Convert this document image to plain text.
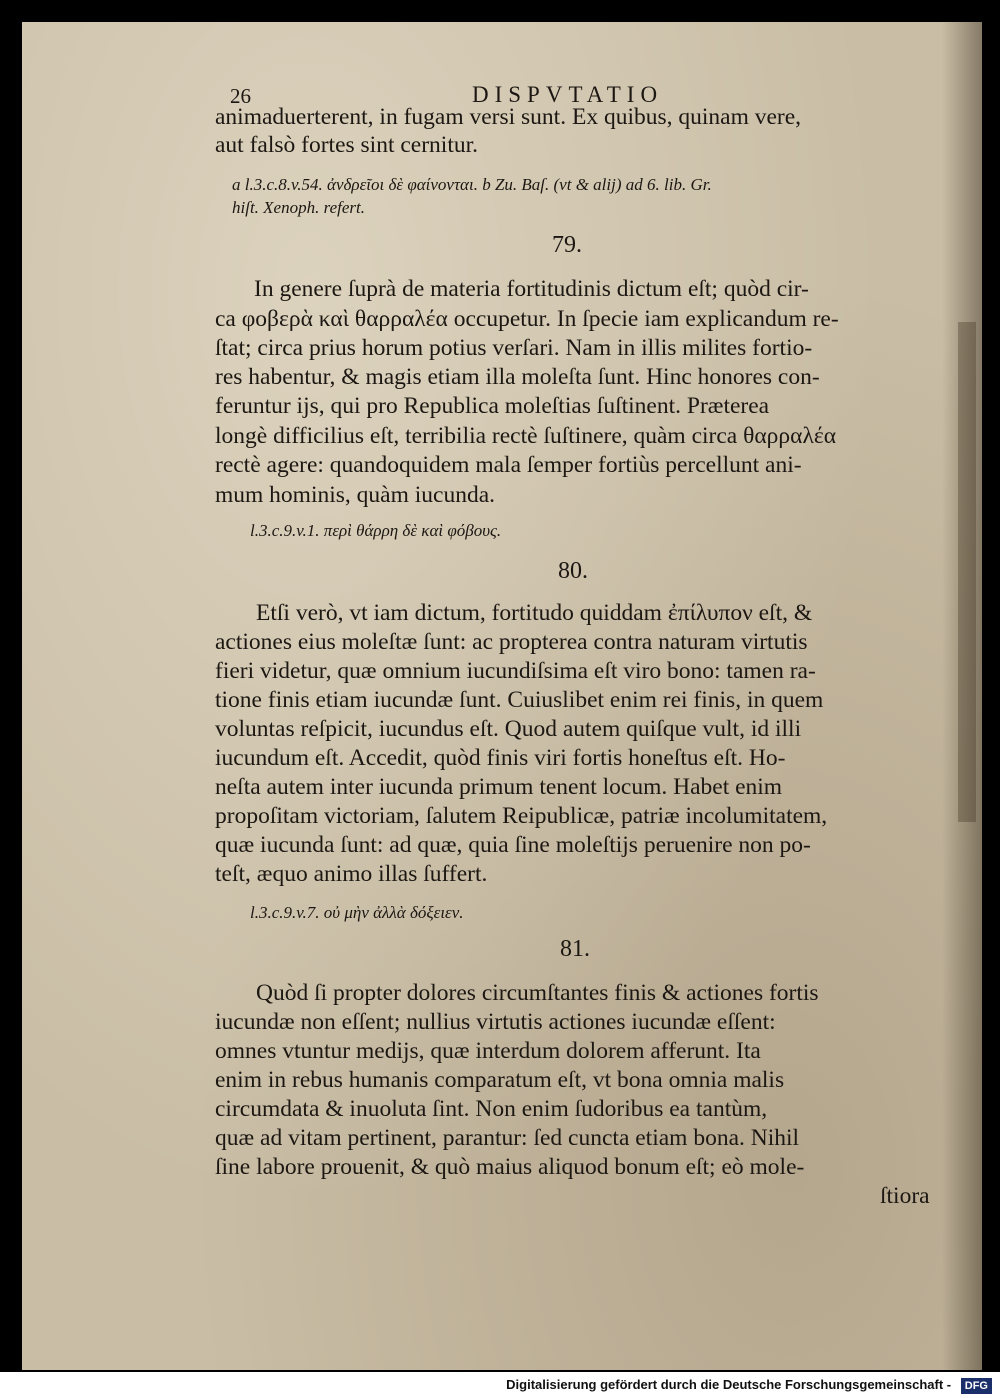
26	DISPVTATIO
animaduerterent, in fugam versi sunt. Ex quibus, quinam vere,
aut falsò fortes sint cernitur.
a l.3.c.8.v.54. ἀνδρεῖοι δὲ φαίνονται. b Zu. Baſ. (vt & alij) ad 6. lib. Gr.
hiſt. Xenoph. refert.
79.
In genere ſuprà de materia fortitudinis dictum eſt; quòd cir-
ca φοβερὰ καὶ θαρραλέα occupetur. In ſpecie iam explicandum re-
ſtat; circa prius horum potius verſari. Nam in illis milites fortio-
res habentur, & magis etiam illa moleſta ſunt. Hinc honores con-
feruntur ijs, qui pro Republica moleſtias ſuſtinent. Præterea
longè difficilius eſt, terribilia rectè ſuſtinere, quàm circa θαρραλέα
rectè agere: quandoquidem mala ſemper fortiùs percellunt ani-
mum hominis, quàm iucunda.
l.3.c.9.v.1. περὶ θάρρη δὲ καὶ φόβους.
80.
Etſi verò, vt iam dictum, fortitudo quiddam ἐπίλυπον eſt, &
actiones eius moleſtæ ſunt: ac propterea contra naturam virtutis
fieri videtur, quæ omnium iucundiſsima eſt viro bono: tamen ra-
tione finis etiam iucundæ ſunt. Cuiuslibet enim rei finis, in quem
voluntas reſpicit, iucundus eſt. Quod autem quiſque vult, id illi
iucundum eſt. Accedit, quòd finis viri fortis honeſtus eſt. Ho-
neſta autem inter iucunda primum tenent locum. Habet enim
propoſitam victoriam, ſalutem Reipublicæ, patriæ incolumitatem,
quæ iucunda ſunt: ad quæ, quia ſine moleſtijs peruenire non po-
teſt, æquo animo illas ſuffert.
l.3.c.9.v.7. οὐ μὴν ἀλλὰ δόξειεν.
81.
Quòd ſi propter dolores circumſtantes finis & actiones fortis
iucundæ non eſſent; nullius virtutis actiones iucundæ eſſent:
omnes vtuntur medijs, quæ interdum dolorem afferunt. Ita
enim in rebus humanis comparatum eſt, vt bona omnia malis
circumdata & inuoluta ſint. Non enim ſudoribus ea tantùm,
quæ ad vitam pertinent, parantur: ſed cuncta etiam bona. Nihil
ſine labore prouenit, & quò maius aliquod bonum eſt; eò mole-
ſtiora
Digitalisierung gefördert durch die Deutsche Forschungsgemeinschaft - DFG
